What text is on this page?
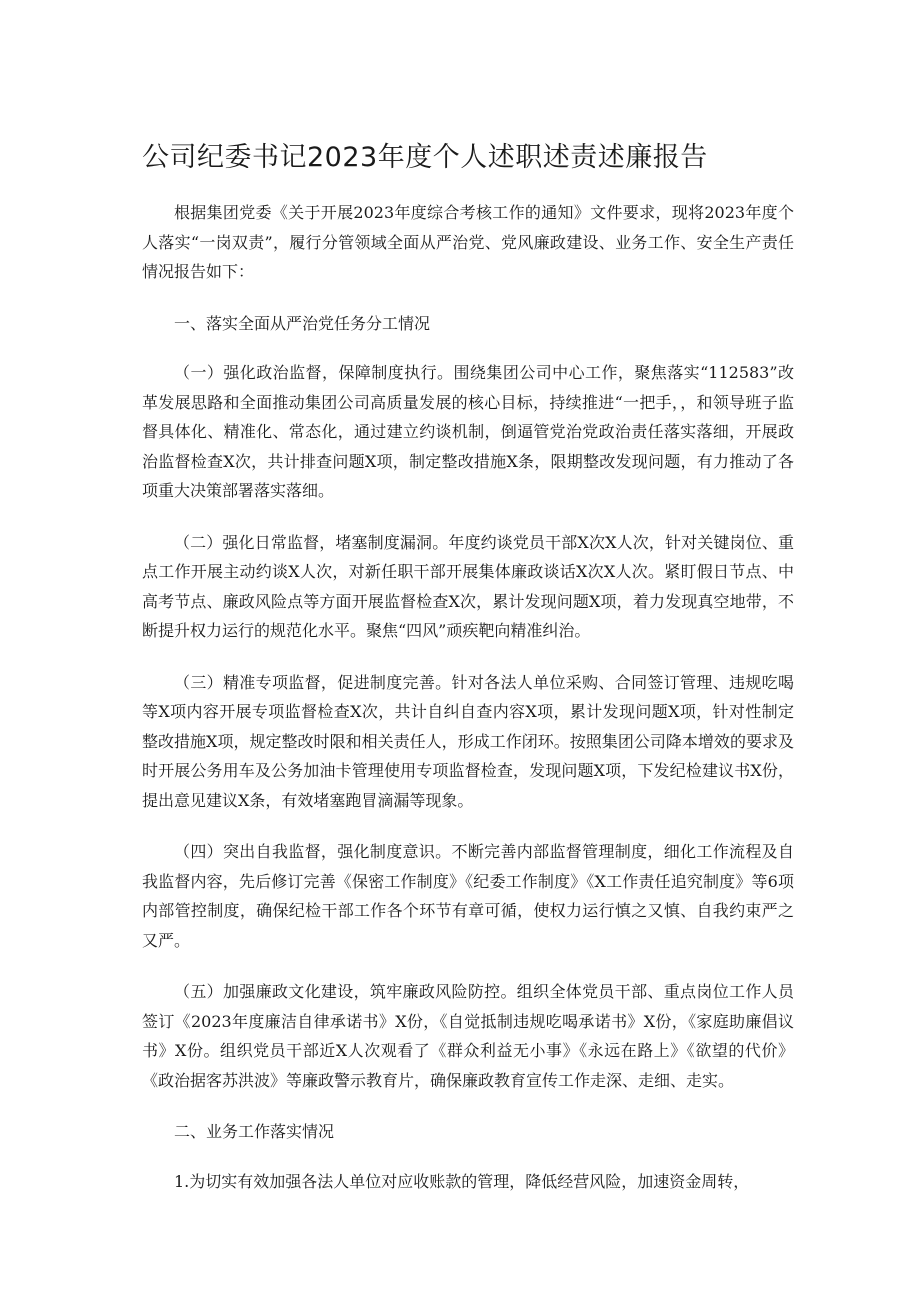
公司纪委书记2023年度个人述职述责述廉报告

根据集团党委《关于开展2023年度综合考核工作的通知》文件要求，现将2023年度个人落实“一岗双责”，履行分管领域全面从严治党、党风廉政建设、业务工作、安全生产责任情况报告如下：

一、落实全面从严治党任务分工情况

（一）强化政治监督，保障制度执行。围绕集团公司中心工作，聚焦落实“112583”改革发展思路和全面推动集团公司高质量发展的核心目标，持续推进“一把手，，和领导班子监督具体化、精准化、常态化，通过建立约谈机制，倒逼管党治党政治责任落实落细，开展政治监督检查X次，共计排查问题X项，制定整改措施X条，限期整改发现问题，有力推动了各项重大决策部署落实落细。

（二）强化日常监督，堵塞制度漏洞。年度约谈党员干部X次X人次，针对关键岗位、重点工作开展主动约谈X人次，对新任职干部开展集体廉政谈话X次X人次。紧盯假日节点、中高考节点、廉政风险点等方面开展监督检查X次，累计发现问题X项，着力发现真空地带，不断提升权力运行的规范化水平。聚焦“四风”顽疾靶向精准纠治。

（三）精准专项监督，促进制度完善。针对各法人单位采购、合同签订管理、违规吃喝等X项内容开展专项监督检查X次，共计自纠自查内容X项，累计发现问题X项，针对性制定整改措施X项，规定整改时限和相关责任人，形成工作闭环。按照集团公司降本增效的要求及时开展公务用车及公务加油卡管理使用专项监督检查，发现问题X项，下发纪检建议书X份，提出意见建议X条，有效堵塞跑冒滴漏等现象。

（四）突出自我监督，强化制度意识。不断完善内部监督管理制度，细化工作流程及自我监督内容，先后修订完善《保密工作制度》《纪委工作制度》《X工作责任追究制度》等6项内部管控制度，确保纪检干部工作各个环节有章可循，使权力运行慎之又慎、自我约束严之又严。

（五）加强廉政文化建设，筑牢廉政风险防控。组织全体党员干部、重点岗位工作人员签订《2023年度廉洁自律承诺书》X份，《自觉抵制违规吃喝承诺书》X份，《家庭助廉倡议书》X份。组织党员干部近X人次观看了《群众利益无小事》《永远在路上》《欲望的代价》《政治据客苏洪波》等廉政警示教育片，确保廉政教育宣传工作走深、走细、走实。

二、业务工作落实情况

1.为切实有效加强各法人单位对应收账款的管理，降低经营风险，加速资金周转，
